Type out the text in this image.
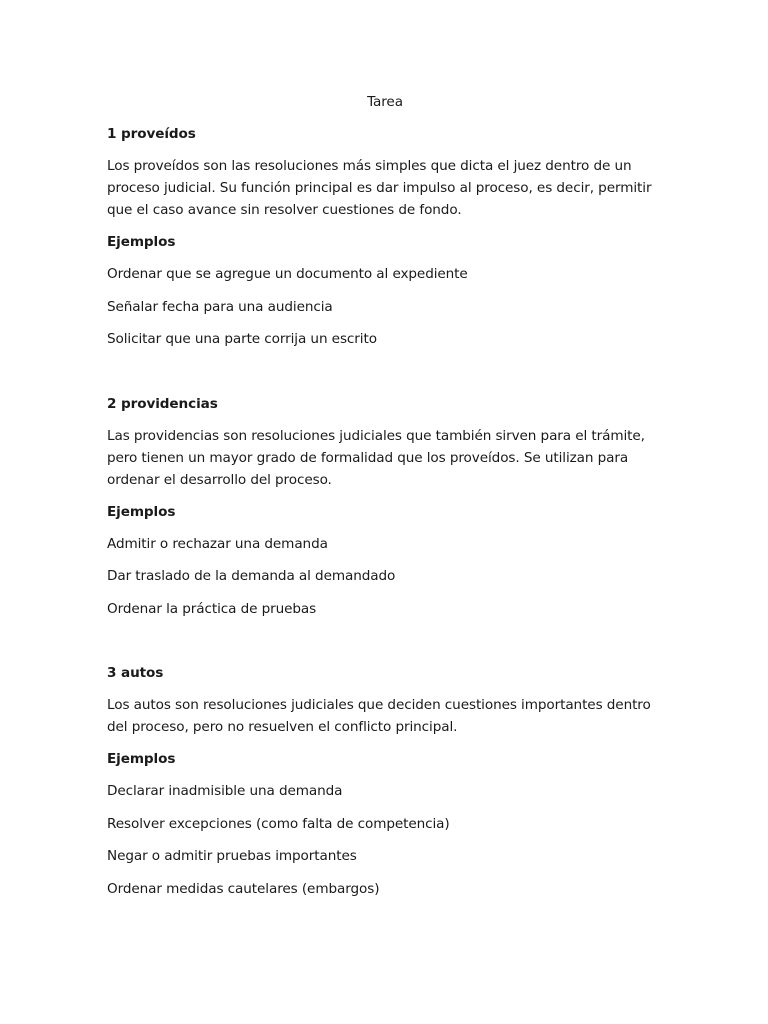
Tarea
1 proveídos
Los proveídos son las resoluciones más simples que dicta el juez dentro de un proceso judicial. Su función principal es dar impulso al proceso, es decir, permitir que el caso avance sin resolver cuestiones de fondo.
Ejemplos
Ordenar que se agregue un documento al expediente
Señalar fecha para una audiencia
Solicitar que una parte corrija un escrito
2 providencias
Las providencias son resoluciones judiciales que también sirven para el trámite, pero tienen un mayor grado de formalidad que los proveídos. Se utilizan para ordenar el desarrollo del proceso.
Ejemplos
Admitir o rechazar una demanda
Dar traslado de la demanda al demandado
Ordenar la práctica de pruebas
3 autos
Los autos son resoluciones judiciales que deciden cuestiones importantes dentro del proceso, pero no resuelven el conflicto principal.
Ejemplos
Declarar inadmisible una demanda
Resolver excepciones (como falta de competencia)
Negar o admitir pruebas importantes
Ordenar medidas cautelares (embargos)
